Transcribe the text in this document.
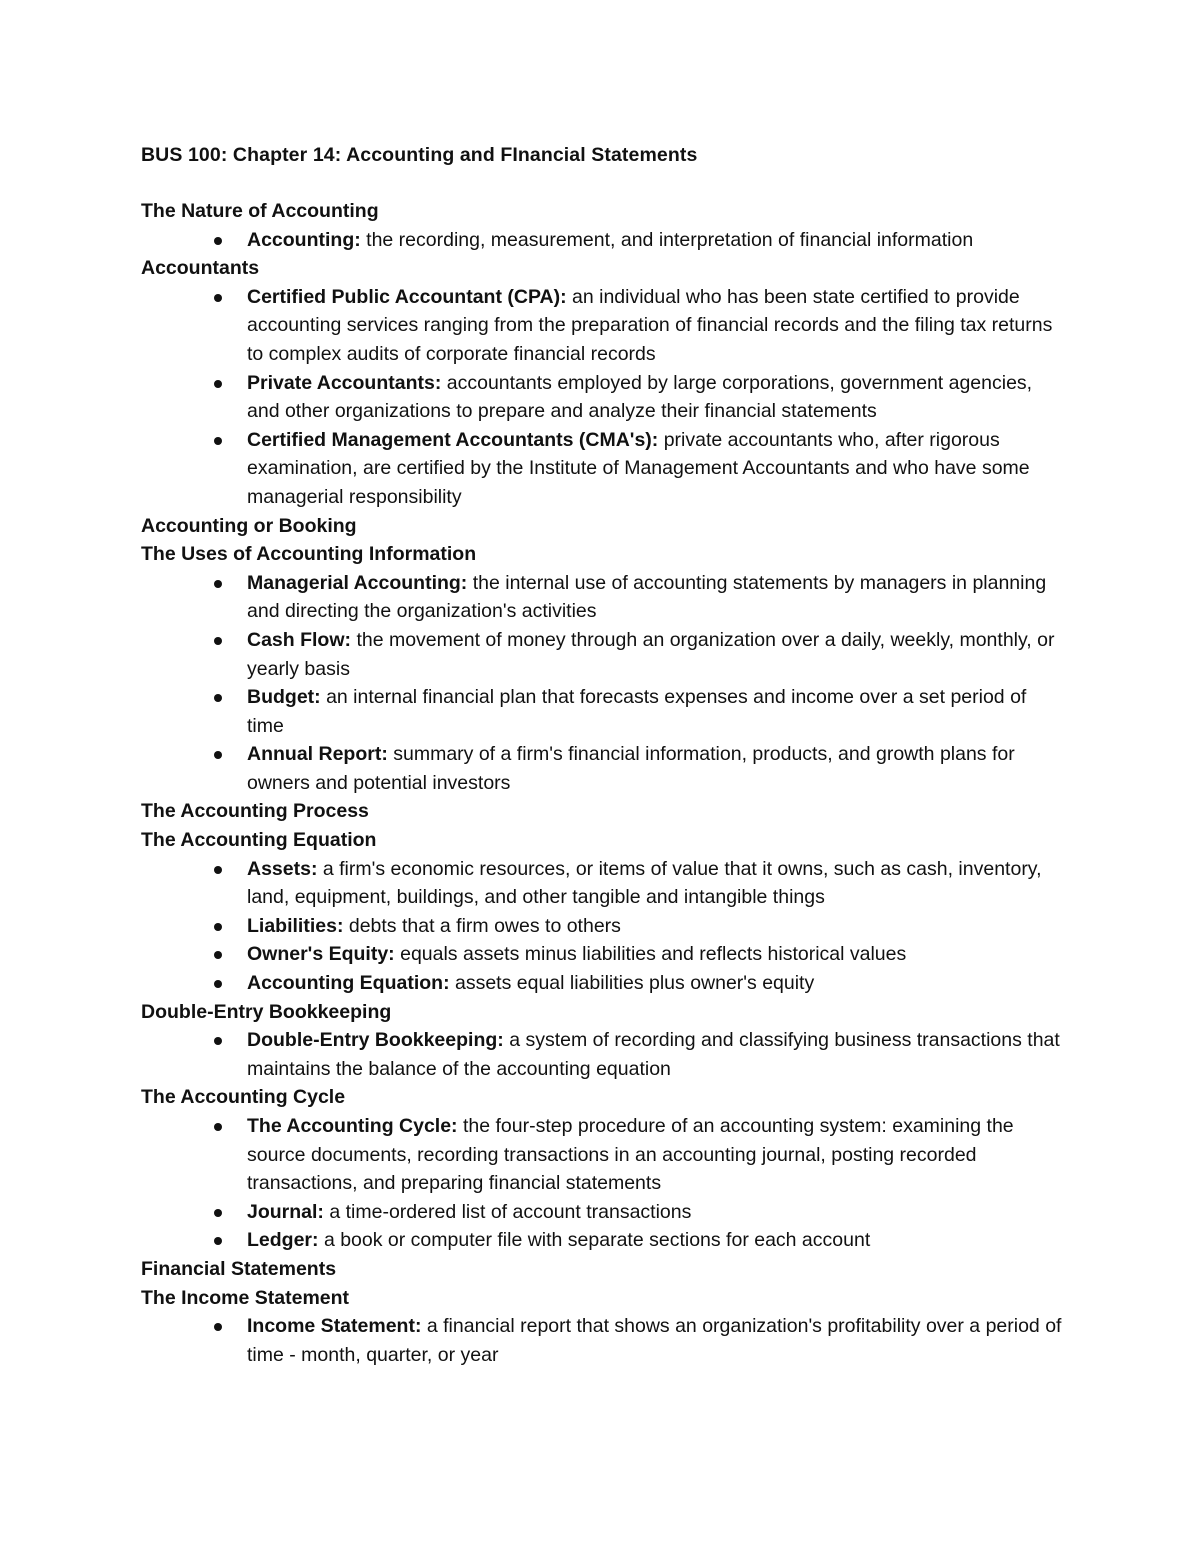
BUS 100: Chapter 14: Accounting and FInancial Statements
The Nature of Accounting
Accounting: the recording, measurement, and interpretation of financial information
Accountants
Certified Public Accountant (CPA): an individual who has been state certified to provide accounting services ranging from the preparation of financial records and the filing tax returns to complex audits of corporate financial records
Private Accountants: accountants employed by large corporations, government agencies, and other organizations to prepare and analyze their financial statements
Certified Management Accountants (CMA's): private accountants who, after rigorous examination, are certified by the Institute of Management Accountants and who have some managerial responsibility
Accounting or Booking
The Uses of Accounting Information
Managerial Accounting: the internal use of accounting statements by managers in planning and directing the organization's activities
Cash Flow: the movement of money through an organization over a daily, weekly, monthly, or yearly basis
Budget: an internal financial plan that forecasts expenses and income over a set period of time
Annual Report: summary of a firm's financial information, products, and growth plans for owners and potential investors
The Accounting Process
The Accounting Equation
Assets: a firm's economic resources, or items of value that it owns, such as cash, inventory, land, equipment, buildings, and other tangible and intangible things
Liabilities: debts that a firm owes to others
Owner's Equity: equals assets minus liabilities and reflects historical values
Accounting Equation: assets equal liabilities plus owner's equity
Double-Entry Bookkeeping
Double-Entry Bookkeeping: a system of recording and classifying business transactions that maintains the balance of the accounting equation
The Accounting Cycle
The Accounting Cycle: the four-step procedure of an accounting system: examining the source documents, recording transactions in an accounting journal, posting recorded transactions, and preparing financial statements
Journal: a time-ordered list of account transactions
Ledger: a book or computer file with separate sections for each account
Financial Statements
The Income Statement
Income Statement: a financial report that shows an organization's profitability over a period of time - month, quarter, or year
